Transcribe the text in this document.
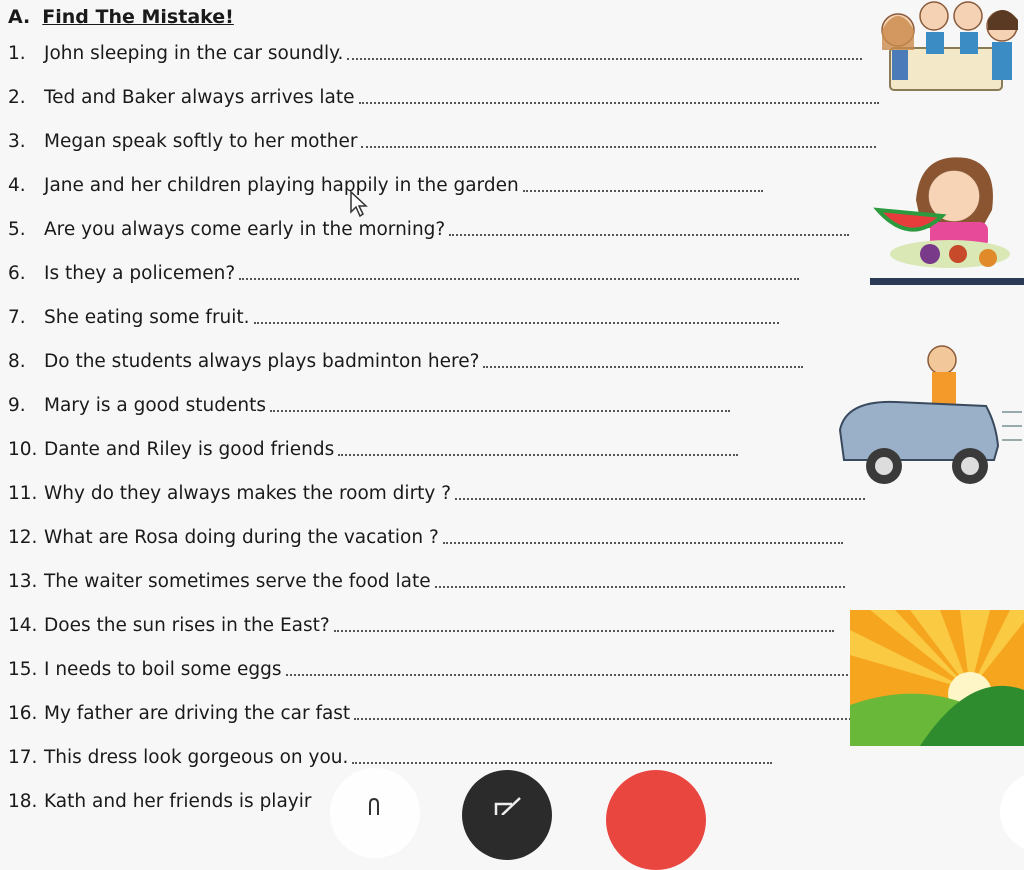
A. Find The Mistake!
1. John sleeping in the car soundly.
2. Ted and Baker always arrives late
3. Megan speak softly to her mother
4. Jane and her children playing happily in the garden
5. Are you always come early in the morning?
6. Is they a policemen?
7. She eating some fruit.
8. Do the students always plays badminton here?
9. Mary is a good students
10. Dante and Riley is good friends
11. Why do they always makes the room dirty ?
12. What are Rosa doing during the vacation ?
13. The waiter sometimes serve the food late
14. Does the sun rises in the East?
15. I needs to boil some eggs
16. My father are driving the car fast
17. This dress look gorgeous on you.
18. Kath and her friends is playir
